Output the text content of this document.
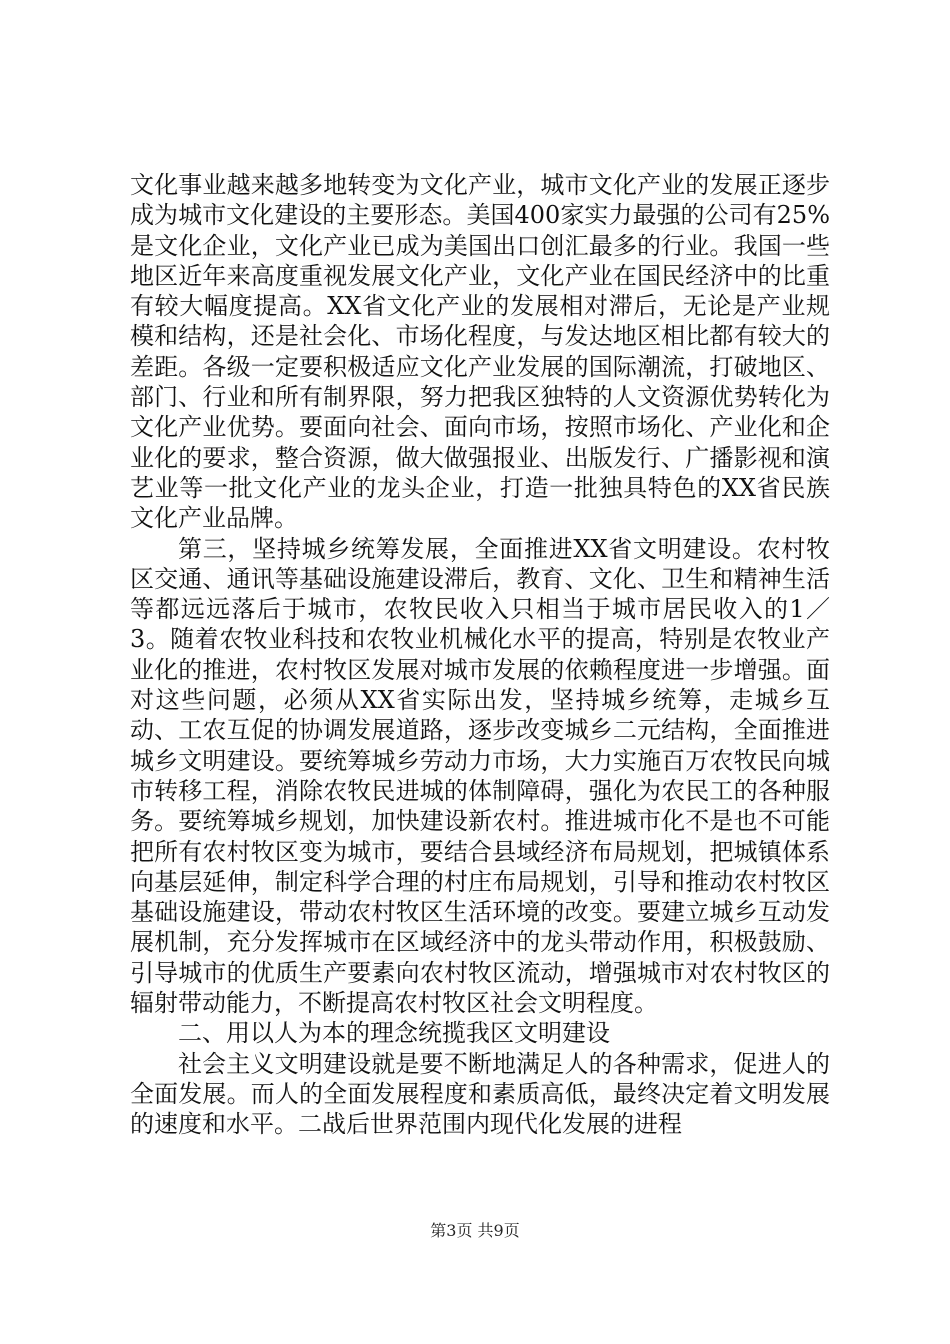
文化事业越来越多地转变为文化产业，城市文化产业的发展正逐步成为城市文化建设的主要形态。美国400家实力最强的公司有25%是文化企业，文化产业已成为美国出口创汇最多的行业。我国一些地区近年来高度重视发展文化产业，文化产业在国民经济中的比重有较大幅度提高。XX省文化产业的发展相对滞后，无论是产业规模和结构，还是社会化、市场化程度，与发达地区相比都有较大的差距。各级一定要积极适应文化产业发展的国际潮流，打破地区、部门、行业和所有制界限，努力把我区独特的人文资源优势转化为文化产业优势。要面向社会、面向市场，按照市场化、产业化和企业化的要求，整合资源，做大做强报业、出版发行、广播影视和演艺业等一批文化产业的龙头企业，打造一批独具特色的XX省民族文化产业品牌。

第三，坚持城乡统筹发展，全面推进XX省文明建设。农村牧区交通、通讯等基础设施建设滞后，教育、文化、卫生和精神生活等都远远落后于城市，农牧民收入只相当于城市居民收入的1／3。随着农牧业科技和农牧业机械化水平的提高，特别是农牧业产业化的推进，农村牧区发展对城市发展的依赖程度进一步增强。面对这些问题，必须从XX省实际出发，坚持城乡统筹，走城乡互动、工农互促的协调发展道路，逐步改变城乡二元结构，全面推进城乡文明建设。要统筹城乡劳动力市场，大力实施百万农牧民向城市转移工程，消除农牧民进城的体制障碍，强化为农民工的各种服务。要统筹城乡规划，加快建设新农村。推进城市化不是也不可能把所有农村牧区变为城市，要结合县域经济布局规划，把城镇体系向基层延伸，制定科学合理的村庄布局规划，引导和推动农村牧区基础设施建设，带动农村牧区生活环境的改变。要建立城乡互动发展机制，充分发挥城市在区域经济中的龙头带动作用，积极鼓励、引导城市的优质生产要素向农村牧区流动，增强城市对农村牧区的辐射带动能力，不断提高农村牧区社会文明程度。

二、用以人为本的理念统揽我区文明建设

社会主义文明建设就是要不断地满足人的各种需求，促进人的全面发展。而人的全面发展程度和素质高低，最终决定着文明发展的速度和水平。二战后世界范围内现代化发展的进程

第3页 共9页
